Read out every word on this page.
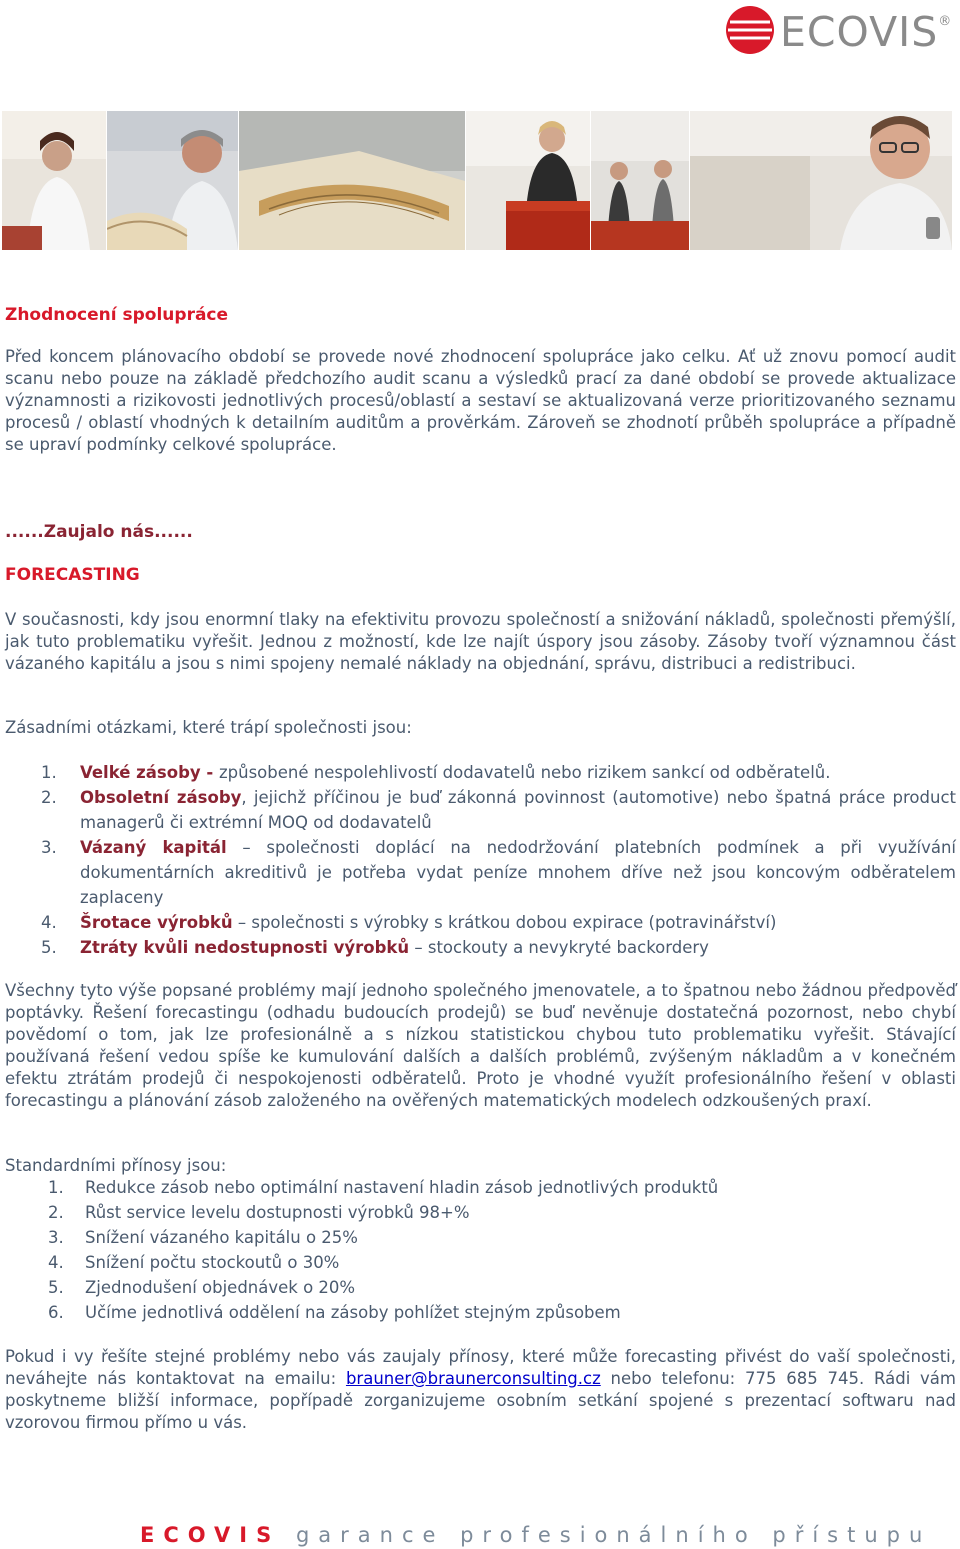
ECOVIS®
Zhodnocení spolupráce

Před koncem plánovacího období se provede nové zhodnocení spolupráce jako celku. Ať už znovu pomocí audit scanu nebo pouze na základě předchozího audit scanu a výsledků prací za dané období se provede aktualizace významnosti a rizikovosti jednotlivých procesů/oblastí a sestaví se aktualizovaná verze prioritizovaného seznamu procesů / oblastí vhodných k detailním auditům a prověrkám. Zároveň se zhodnotí průběh spolupráce a případně se upraví podmínky celkové spolupráce.

......Zaujalo nás......
FORECASTING

V současnosti, kdy jsou enormní tlaky na efektivitu provozu společností a snižování nákladů, společnosti přemýšlí, jak tuto problematiku vyřešit. Jednou z možností, kde lze najít úspory jsou zásoby. Zásoby tvoří významnou část vázaného kapitálu a jsou s nimi spojeny nemalé náklady na objednání, správu, distribuci a redistribuci.

Zásadními otázkami, které trápí společnosti jsou:

1. Velké zásoby - způsobené nespolehlivostí dodavatelů nebo rizikem sankcí od odběratelů.
2. Obsoletní zásoby, jejichž příčinou je buď zákonná povinnost (automotive) nebo špatná práce product managerů či extrémní MOQ od dodavatelů
3. Vázaný kapitál – společnosti doplácí na nedodržování platebních podmínek a při využívání dokumentárních akreditivů je potřeba vydat peníze mnohem dříve než jsou koncovým odběratelem zaplaceny
4. Šrotace výrobků – společnosti s výrobky s krátkou dobou expirace (potravinářství)
5. Ztráty kvůli nedostupnosti výrobků – stockouty a nevykryté backordery

Všechny tyto výše popsané problémy mají jednoho společného jmenovatele, a to špatnou nebo žádnou předpověď poptávky. Řešení forecastingu (odhadu budoucích prodejů) se buď nevěnuje dostatečná pozornost, nebo chybí povědomí o tom, jak lze profesionálně a s nízkou statistickou chybou tuto problematiku vyřešit. Stávající používaná řešení vedou spíše ke kumulování dalších a dalších problémů, zvýšeným nákladům a v konečném efektu ztrátám prodejů či nespokojenosti odběratelů. Proto je vhodné využít profesionálního řešení v oblasti forecastingu a plánování zásob založeného na ověřených matematických modelech odzkoušených praxí.

Standardními přínosy jsou:

1. Redukce zásob nebo optimální nastavení hladin zásob jednotlivých produktů
2. Růst service levelu dostupnosti výrobků 98+%
3. Snížení vázaného kapitálu o 25%
4. Snížení počtu stockoutů o 30%
5. Zjednodušení objednávek o 20%
6. Učíme jednotlivá oddělení na zásoby pohlížet stejným způsobem

Pokud i vy řešíte stejné problémy nebo vás zaujaly přínosy, které může forecasting přivést do vaší společnosti, neváhejte nás kontaktovat na emailu: brauner@braunerconsulting.cz nebo telefonu: 775 685 745. Rádi vám poskytneme bližší informace, popřípadě zorganizujeme osobním setkání spojené s prezentací softwaru nad vzorovou firmou přímo u vás.

ECOVIS garance profesionálního přístupu
